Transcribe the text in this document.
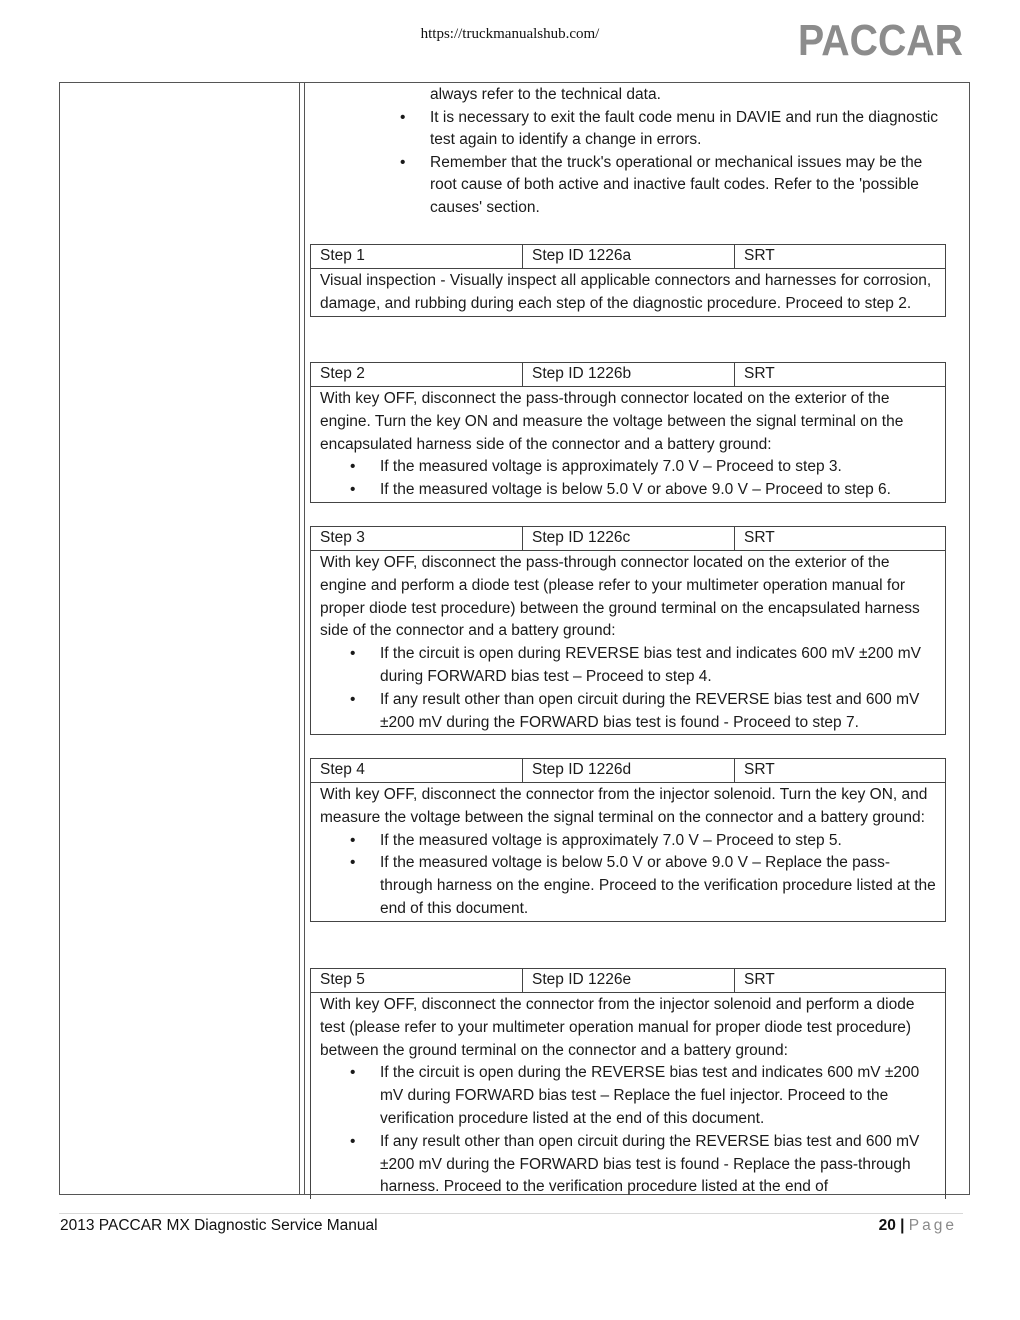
https://truckmanualshub.com/	PACCAR
always refer to the technical data.
• It is necessary to exit the fault code menu in DAVIE and run the diagnostic test again to identify a change in errors.
• Remember that the truck's operational or mechanical issues may be the root cause of both active and inactive fault codes. Refer to the 'possible causes' section.
Step 1	Step ID 1226a	SRT
Visual inspection - Visually inspect all applicable connectors and harnesses for corrosion, damage, and rubbing during each step of the diagnostic procedure. Proceed to step 2.
Step 2	Step ID 1226b	SRT
With key OFF, disconnect the pass-through connector located on the exterior of the engine. Turn the key ON and measure the voltage between the signal terminal on the encapsulated harness side of the connector and a battery ground:
• If the measured voltage is approximately 7.0 V – Proceed to step 3.
• If the measured voltage is below 5.0 V or above 9.0 V – Proceed to step 6.
Step 3	Step ID 1226c	SRT
With key OFF, disconnect the pass-through connector located on the exterior of the engine and perform a diode test (please refer to your multimeter operation manual for proper diode test procedure) between the ground terminal on the encapsulated harness side of the connector and a battery ground:
• If the circuit is open during REVERSE bias test and indicates 600 mV ±200 mV during FORWARD bias test – Proceed to step 4.
• If any result other than open circuit during the REVERSE bias test and 600 mV ±200 mV during the FORWARD bias test is found - Proceed to step 7.
Step 4	Step ID 1226d	SRT
With key OFF, disconnect the connector from the injector solenoid. Turn the key ON, and measure the voltage between the signal terminal on the connector and a battery ground:
• If the measured voltage is approximately 7.0 V – Proceed to step 5.
• If the measured voltage is below 5.0 V or above 9.0 V – Replace the pass-through harness on the engine. Proceed to the verification procedure listed at the end of this document.
Step 5	Step ID 1226e	SRT
With key OFF, disconnect the connector from the injector solenoid and perform a diode test (please refer to your multimeter operation manual for proper diode test procedure) between the ground terminal on the connector and a battery ground:
• If the circuit is open during the REVERSE bias test and indicates 600 mV ±200 mV during FORWARD bias test – Replace the fuel injector. Proceed to the verification procedure listed at the end of this document.
• If any result other than open circuit during the REVERSE bias test and 600 mV ±200 mV during the FORWARD bias test is found - Replace the pass-through harness. Proceed to the verification procedure listed at the end of
2013 PACCAR MX Diagnostic Service Manual	20 | Page
